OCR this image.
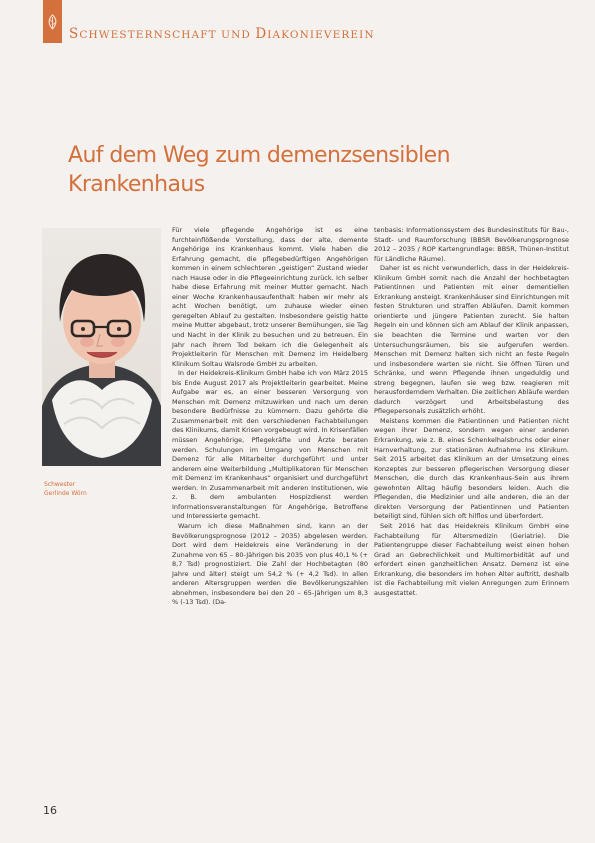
SCHWESTERNSCHAFT UND DIAKONIEVEREIN
Auf dem Weg zum demenzsensiblen
Krankenhaus
Schwester
Gerlinde Wörn

Für viele pflegende Angehörige ist es eine furchteinflößende Vorstellung, dass der alte, demente Angehörige ins Krankenhaus kommt. Viele haben die Erfahrung gemacht, die pflegebedürftigen Angehörigen kommen in einem schlechteren „geistigen“ Zustand wieder nach Hause oder in die Pflegeeinrichtung zurück. Ich selber habe diese Erfahrung mit meiner Mutter gemacht. Nach einer Woche Krankenhausaufenthalt haben wir mehr als acht Wochen benötigt, um zuhause wieder einen geregelten Ablauf zu gestalten. Insbesondere geistig hatte meine Mutter abgebaut, trotz unserer Bemühungen, sie Tag und Nacht in der Klinik zu besuchen und zu betreuen. Ein Jahr nach ihrem Tod bekam ich die Gelegenheit als Projektleiterin für Menschen mit Demenz im Heidelberg Klinikum Soltau Walsrode GmbH zu arbeiten.

In der Heidekreis-Klinikum GmbH habe ich von März 2015 bis Ende August 2017 als Projektleiterin gearbeitet. Meine Aufgabe war es, an einer besseren Versorgung von Menschen mit Demenz mitzuwirken und nach um deren besondere Bedürfnisse zu kümmern. Dazu gehörte die Zusammenarbeit mit den verschiedenen Fachabteilungen des Klinikums, damit Krisen vorgebeugt wird. In Krisenfällen müssen Angehörige, Pflegekräfte und Ärzte beraten werden. Schulungen im Umgang von Menschen mit Demenz für alle Mitarbeiter durchgeführt und unter anderem eine Weiterbildung „Multiplikatoren für Menschen mit Demenz im Krankenhaus“ organisiert und durchgeführt werden. In Zusammenarbeit mit anderen Institutionen, wie z. B. dem ambulanten Hospizdienst werden Informationsveranstaltungen für Angehörige, Betroffene und Interessierte gemacht.

Warum ich diese Maßnahmen sind, kann an der Bevölkerungsprognose (2012 – 2035) abgelesen werden. Dort wird dem Heidekreis eine Veränderung in der Zunahme von 65 – 80-Jährigen bis 2035 von plus 40,1 % (+ 8,7 Tsd) prognostiziert. Die Zahl der Hochbetagten (80 Jahre und älter) steigt um 54,2 % (+ 4,2 Tsd). In allen anderen Altersgruppen werden die Bevölkerungszahlen abnehmen, insbesondere bei den 20 – 65-Jährigen um 8,3 % (-13 Tsd). (Da-

tenbasis: Informationssystem des Bundesinstituts für Bau-, Stadt- und Raumforschung (BBSR Bevölkerungsprognose 2012 – 2035 / ROP Kartengrundlage: BBSR, Thünen-Institut für Ländliche Räume).

Daher ist es nicht verwunderlich, dass in der Heidekreis-Klinikum GmbH somit nach die Anzahl der hochbetagten Patientinnen und Patienten mit einer dementiellen Erkrankung ansteigt. Krankenhäuser sind Einrichtungen mit festen Strukturen und straffen Abläufen. Damit kommen orientierte und jüngere Patienten zurecht. Sie halten Regeln ein und können sich am Ablauf der Klinik anpassen, sie beachten die Termine und warten vor den Untersuchungsräumen, bis sie aufgerufen werden. Menschen mit Demenz halten sich nicht an feste Regeln und insbesondere warten sie nicht. Sie öffnen Türen und Schränke, und wenn Pflegende ihnen ungeduldig und streng begegnen, laufen sie weg bzw. reagieren mit herausforderndem Verhalten. Die zeitlichen Abläufe werden dadurch verzögert und Arbeitsbelastung des Pflegepersonals zusätzlich erhöht.

Meistens kommen die Patientinnen und Patienten nicht wegen ihrer Demenz, sondern wegen einer anderen Erkrankung, wie z. B. eines Schenkelhalsbruchs oder einer Harnverhaltung, zur stationären Aufnahme ins Klinikum. Seit 2015 arbeitet das Klinikum an der Umsetzung eines Konzeptes zur besseren pflegerischen Versorgung dieser Menschen, die durch das Krankenhaus-Sein aus ihrem gewohnten Alltag häufig besonders leiden. Auch die Pflegenden, die Medizinier und alle anderen, die an der direkten Versorgung der Patientinnen und Patienten beteiligt sind, fühlen sich oft hilflos und überfordert.

Seit 2016 hat das Heidekreis Klinikum GmbH eine Fachabteilung für Altersmedizin (Geriatrie). Die Patientengruppe dieser Fachabteilung weist einen hohen Grad an Gebrechlichkeit und Multimorbidität auf und erfordert einen ganzheitlichen Ansatz. Demenz ist eine Erkrankung, die besonders im hohen Alter auftritt, deshalb ist die Fachabteilung mit vielen Anregungen zum Erinnern ausgestattet.

16
